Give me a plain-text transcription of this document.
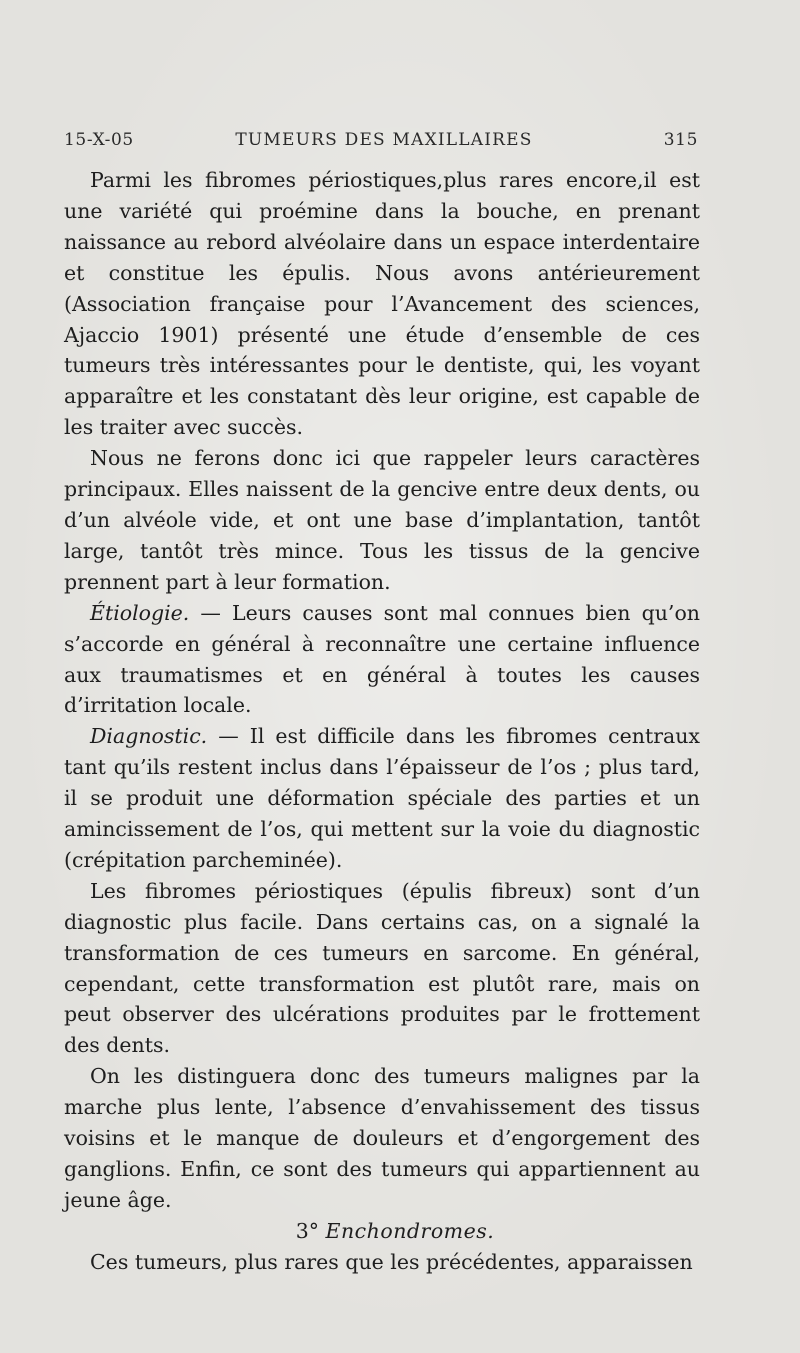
15-X-05	TUMEURS DES MAXILLAIRES	315

Parmi les fibromes périostiques,plus rares encore,il est une variété qui proémine dans la bouche, en prenant naissance au rebord alvéolaire dans un espace interdentaire et constitue les épulis. Nous avons antérieurement (Association française pour l’Avancement des sciences, Ajaccio 1901) présenté une étude d’ensemble de ces tumeurs très intéressantes pour le dentiste, qui, les voyant apparaître et les constatant dès leur origine, est capable de les traiter avec succès.

Nous ne ferons donc ici que rappeler leurs caractères principaux. Elles naissent de la gencive entre deux dents, ou d’un alvéole vide, et ont une base d’implantation, tantôt large, tantôt très mince. Tous les tissus de la gencive prennent part à leur formation.

Étiologie. — Leurs causes sont mal connues bien qu’on s’accorde en général à reconnaître une certaine influence aux traumatismes et en général à toutes les causes d’irritation locale.

Diagnostic. — Il est difficile dans les fibromes centraux tant qu’ils restent inclus dans l’épaisseur de l’os ; plus tard, il se produit une déformation spéciale des parties et un amincissement de l’os, qui mettent sur la voie du diagnostic (crépitation parcheminée).

Les fibromes périostiques (épulis fibreux) sont d’un diagnostic plus facile. Dans certains cas, on a signalé la transformation de ces tumeurs en sarcome. En général, cependant, cette transformation est plutôt rare, mais on peut observer des ulcérations produites par le frottement des dents.

On les distinguera donc des tumeurs malignes par la marche plus lente, l’absence d’envahissement des tissus voisins et le manque de douleurs et d’engorgement des ganglions. Enfin, ce sont des tumeurs qui appartiennent au jeune âge.

3° Enchondromes.

Ces tumeurs, plus rares que les précédentes, apparaissen
